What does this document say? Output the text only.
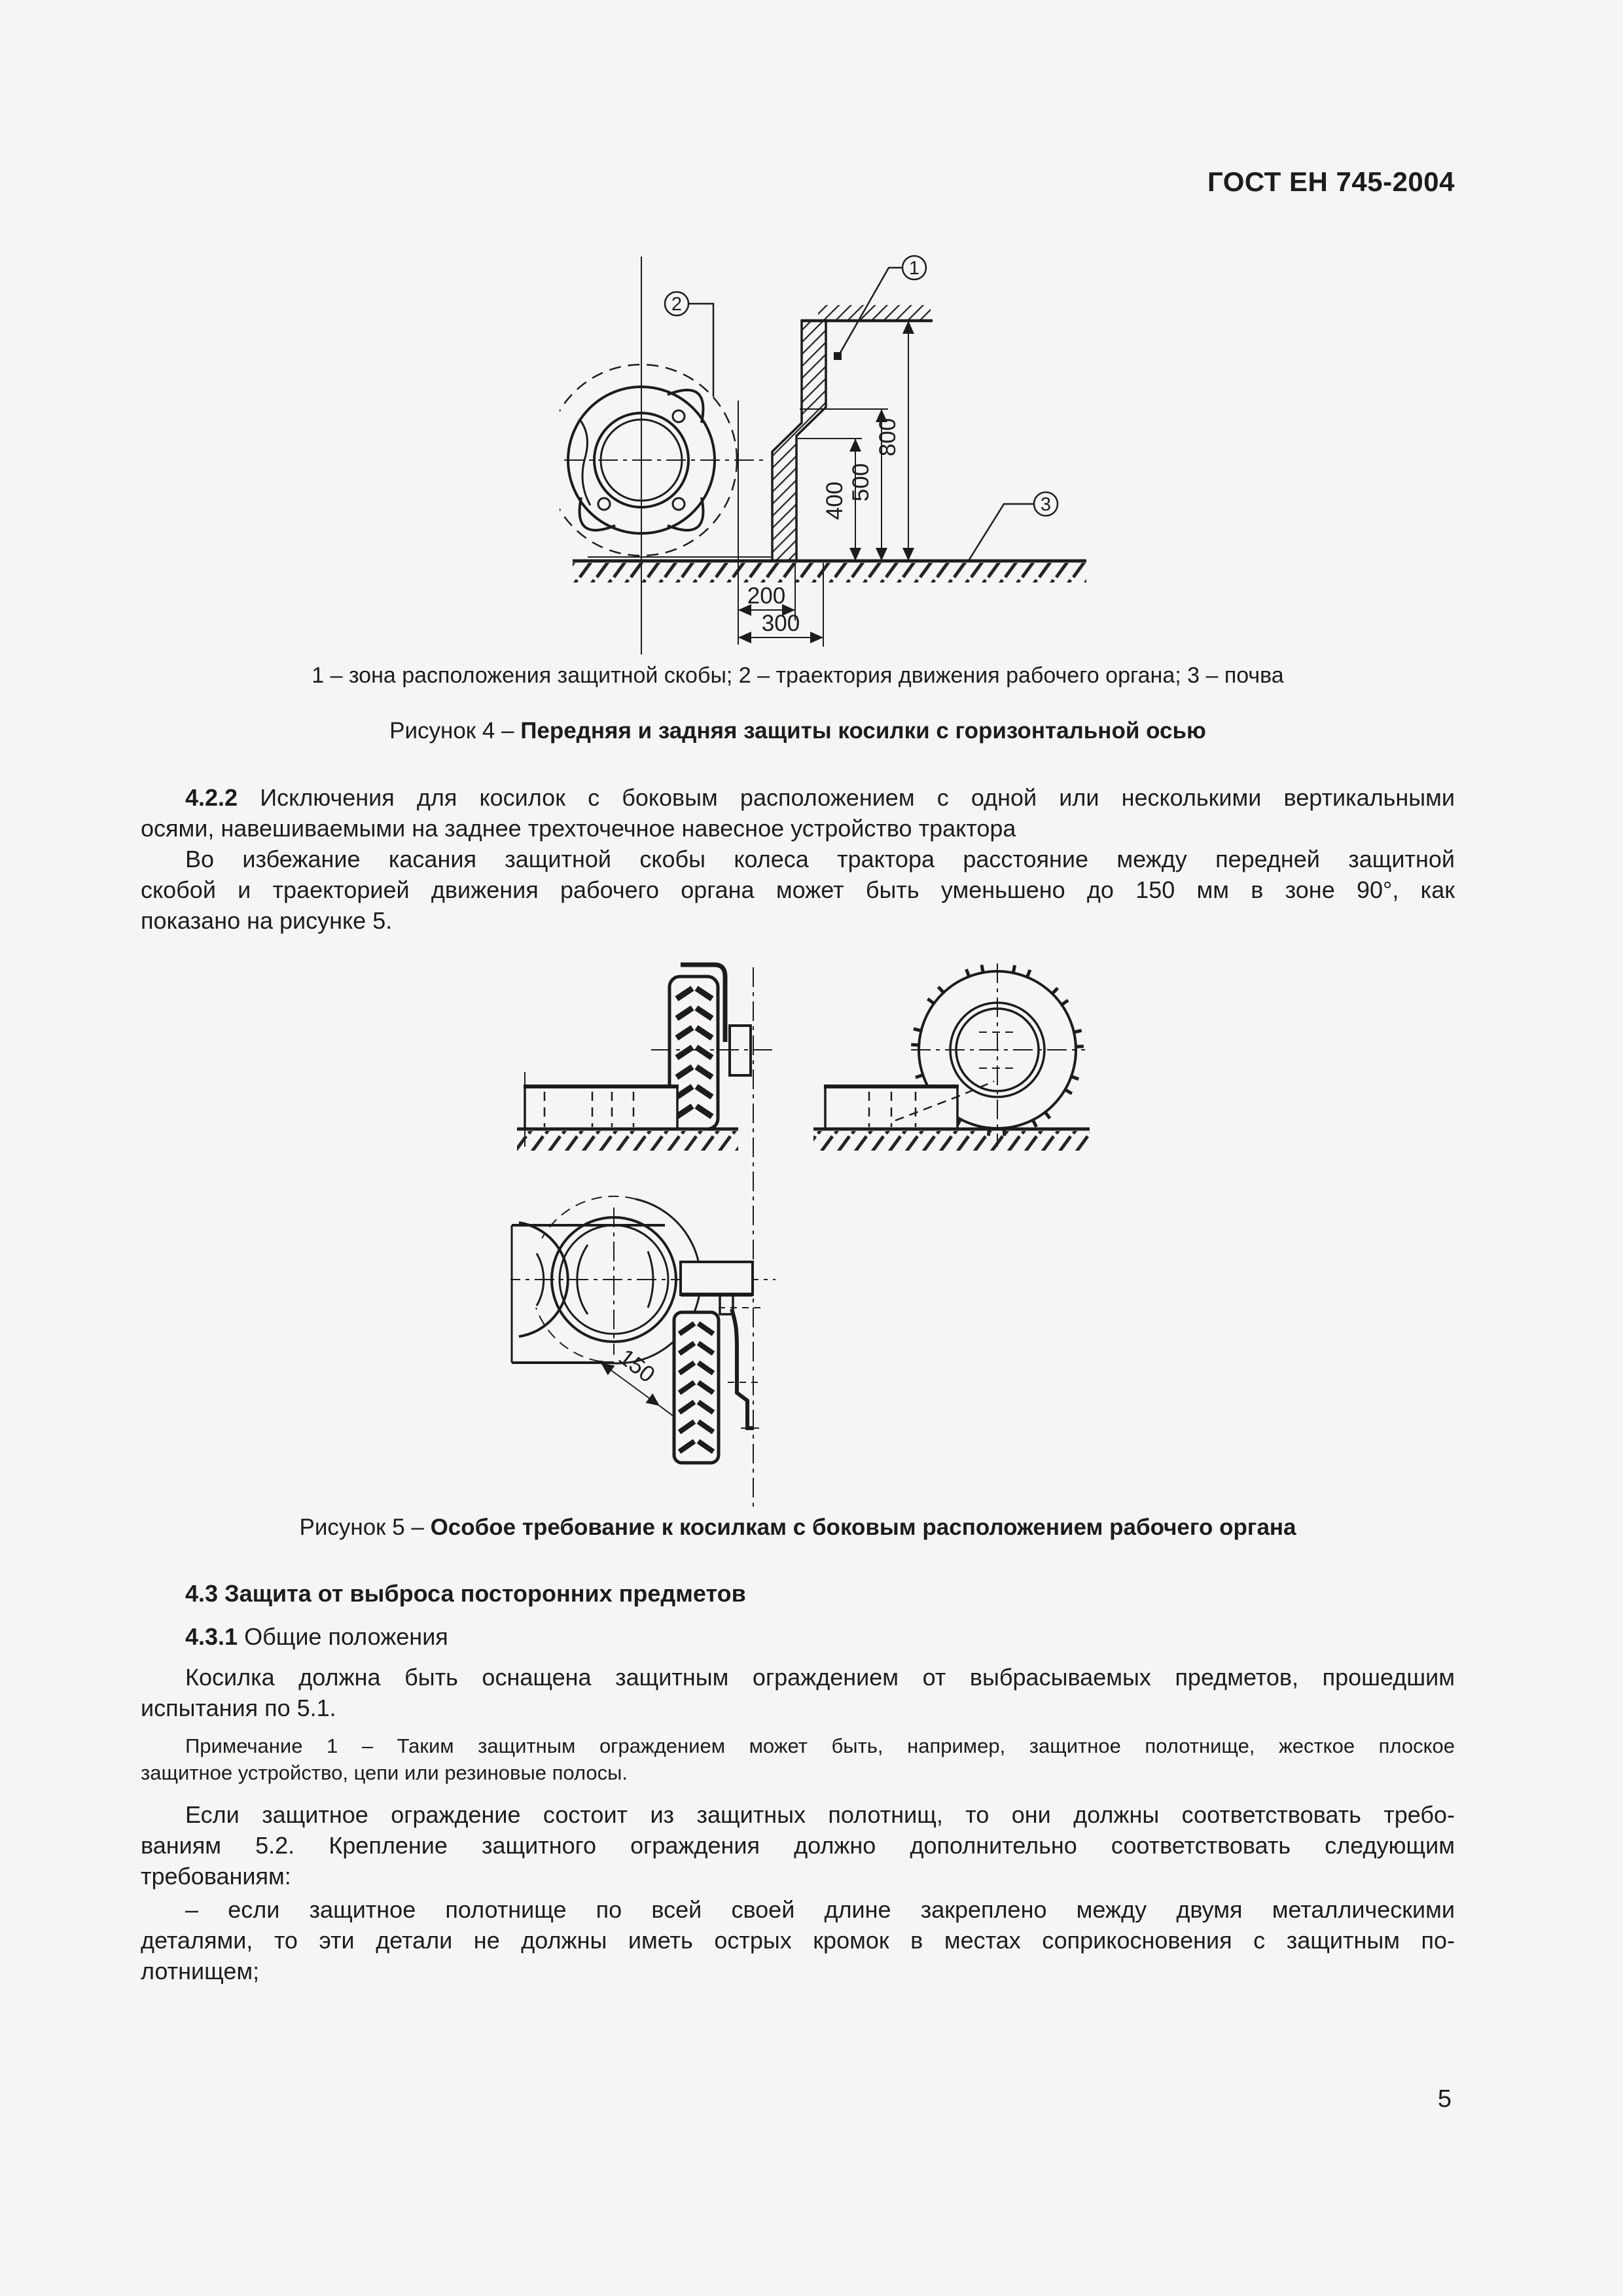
ГОСТ ЕН 745-2004
400 500
800
200
300
1
2
3
1 – зона расположения защитной скобы; 2 – траектория движения рабочего органа; 3 – почва
Рисунок 4 – Передняя и задняя защиты косилки с горизонтальной осью
4.2.2 Исключения для косилок с боковым расположением с одной или несколькими вертикальными
осями, навешиваемыми на заднее трехточечное навесное устройство трактора
Во избежание касания защитной скобы колеса трактора расстояние между передней защитной
скобой и траекторией движения рабочего органа может быть уменьшено до 150 мм в зоне 90°, как
показано на рисунке 5.
150
Рисунок 5 – Особое требование к косилкам с боковым расположением рабочего органа
4.3 Защита от выброса посторонних предметов
4.3.1 Общие положения
Косилка должна быть оснащена защитным ограждением от выбрасываемых предметов, прошедшим
испытания по 5.1.
Примечание 1 – Таким защитным ограждением может быть, например, защитное полотнище, жесткое плоское
защитное устройство, цепи или резиновые полосы.
Если защитное ограждение состоит из защитных полотнищ, то они должны соответствовать требо-
ваниям 5.2. Крепление защитного ограждения должно дополнительно соответствовать следующим
требованиям:
– если защитное полотнище по всей своей длине закреплено между двумя металлическими
деталями, то эти детали не должны иметь острых кромок в местах соприкосновения с защитным по-
лотнищем;
5
